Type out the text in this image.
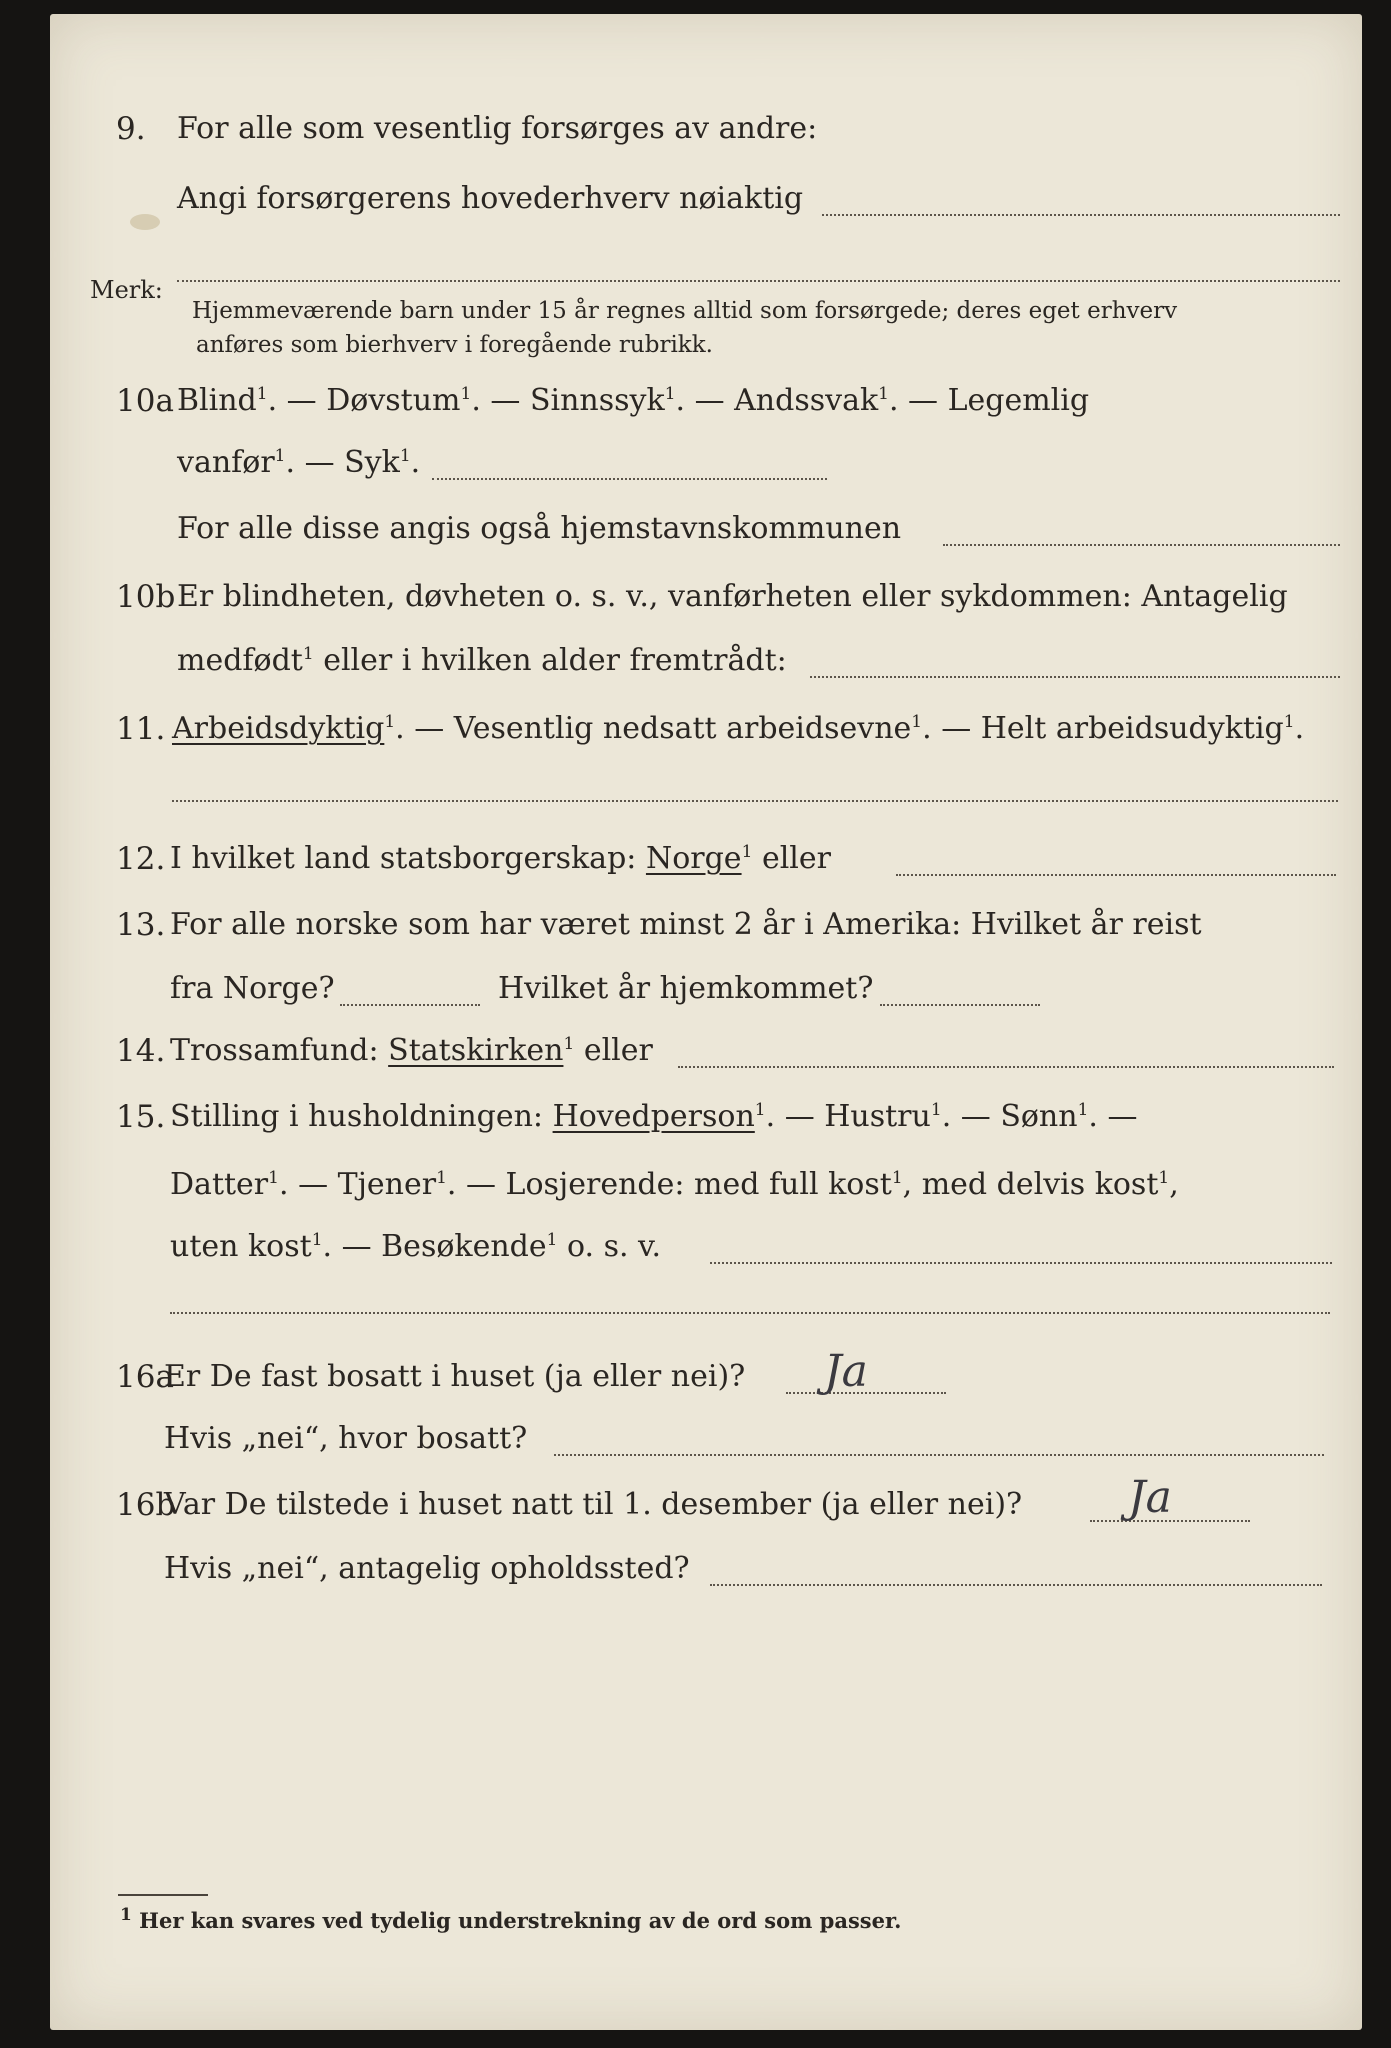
9. For alle som vesentlig forsørges av andre:
Angi forsørgerens hovederhverv nøiaktig
Merk:
Hjemmeværende barn under 15 år regnes alltid som forsørgede; deres eget erhverv
anføres som bierhverv i foregående rubrikk.
10a Blind$^1$. — Døvstum$^1$. — Sinnssyk$^1$. — Andssvak$^1$. — Legemlig
vanfør$^1$. — Syk$^1$.
For alle disse angis også hjemstavnskommunen
10b Er blindheten, døvheten o. s. v., vanførheten eller sykdommen: Antagelig
medfødt$^1$ eller i hvilken alder fremtrådt:
11. Arbeidsdyktig$^1$. — Vesentlig nedsatt arbeidsevne$^1$. — Helt arbeidsudyktig$^1$.
12. I hvilket land statsborgerskap: Norge$^1$ eller
13. For alle norske som har været minst 2 år i Amerika: Hvilket år reist
fra Norge?	Hvilket år hjemkommet?
14. Trossamfund: Statskirken$^1$ eller
15. Stilling i husholdningen: Hovedperson$^1$. — Hustru$^1$. — Sønn$^1$. —
Datter$^1$. — Tjener$^1$. — Losjerende: med full kost$^1$, med delvis kost$^1$,
uten kost$^1$. — Besøkende$^1$ o. s. v.
16a
Er De fast bosatt i huset (ja eller nei)? Ja
Hvis „nei“, hvor bosatt?
16b
Var De tilstede i huset natt til 1. desember (ja eller nei)? Ja
Hvis „nei“, antagelig opholdssted?
$^1$ Her kan svares ved tydelig understrekning av de ord som passer.
